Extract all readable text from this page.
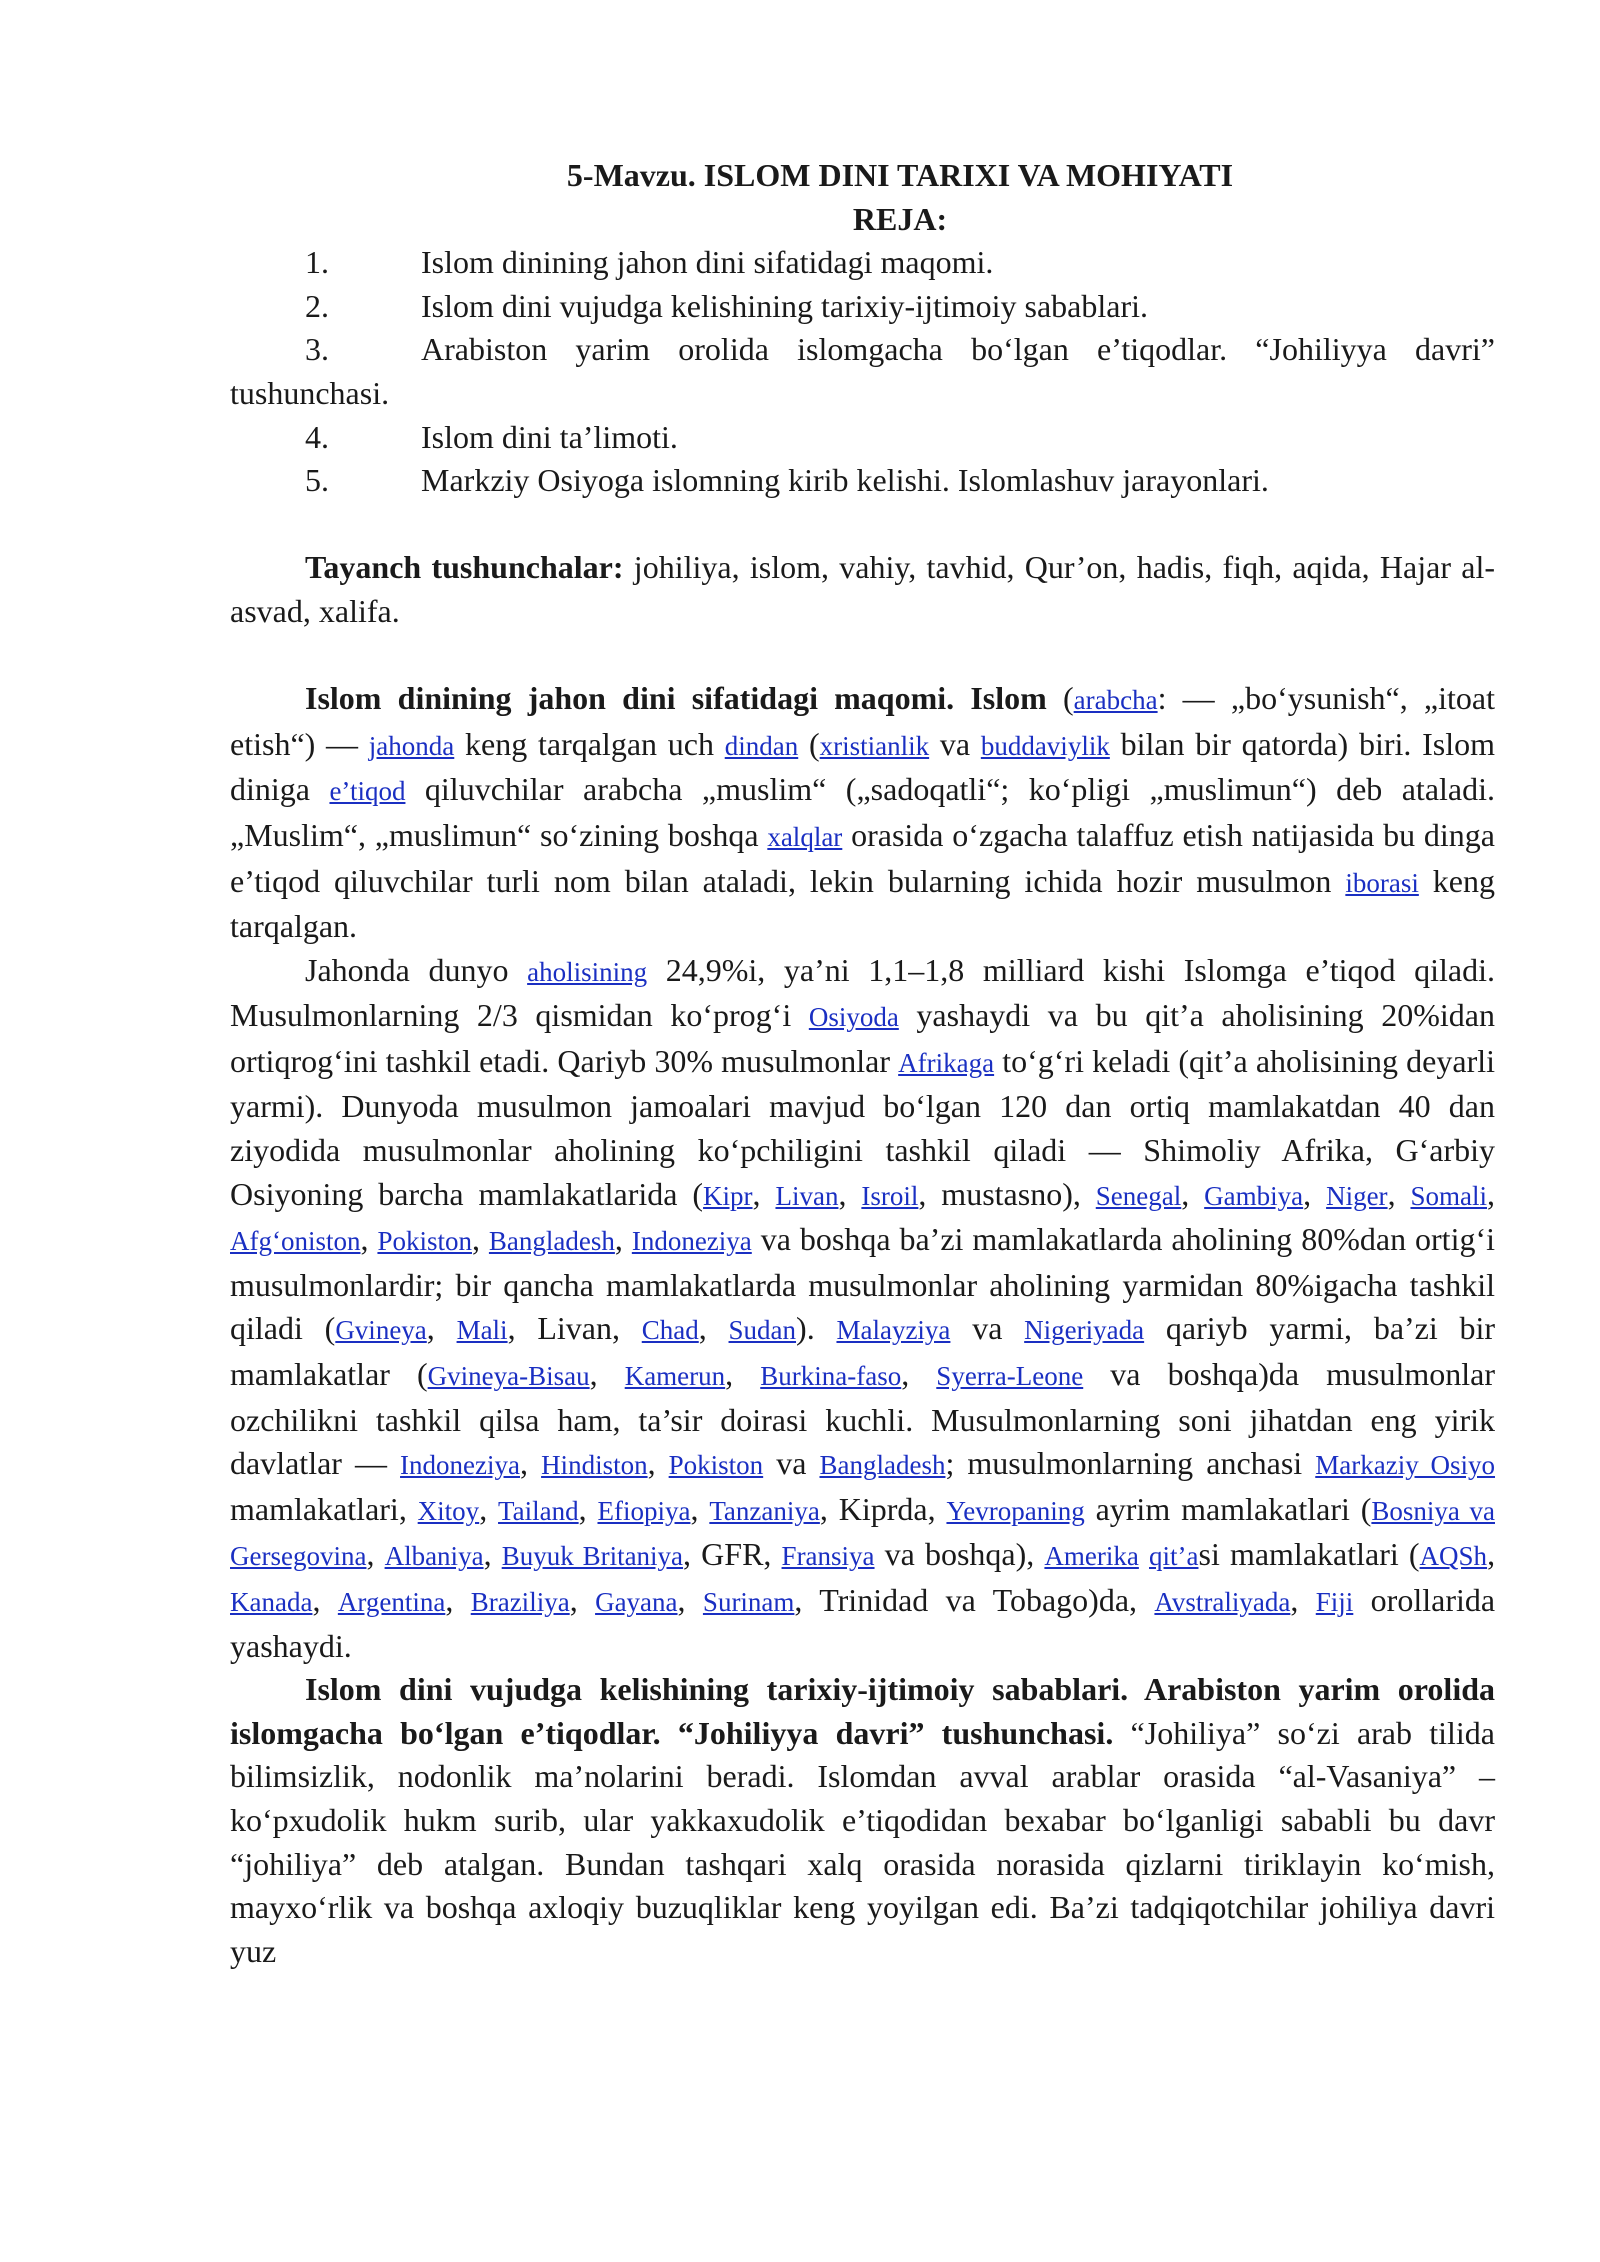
5-Mavzu. ISLOM DINI TARIXI VA MOHIYATI

REJA:

1.	Islom dinining jahon dini sifatidagi maqomi.
2.	Islom dini vujudga kelishining tarixiy-ijtimoiy sabablari.
3.	Arabiston yarim orolida islomgacha bo‘lgan e’tiqodlar. “Johiliyya davri” tushunchasi.
4.	Islom dini ta’limoti.
5.	Markziy Osiyoga islomning kirib kelishi. Islomlashuv jarayonlari.

Tayanch tushunchalar: johiliya, islom, vahiy, tavhid, Qur’on, hadis, fiqh, aqida, Hajar al-asvad, xalifa.

Islom dinining jahon dini sifatidagi maqomi. Islom (arabcha: — „bo‘ysunish“, „itoat etish“) — jahonda keng tarqalgan uch dindan (xristianlik va buddaviylik bilan bir qatorda) biri. Islom diniga e’tiqod qiluvchilar arabcha „muslim“ („sadoqatli“; ko‘pligi „muslimun“) deb ataladi. „Muslim“, „muslimun“ so‘zining boshqa xalqlar orasida o‘zgacha talaffuz etish natijasida bu dinga e’tiqod qiluvchilar turli nom bilan ataladi, lekin bularning ichida hozir musulmon iborasi keng tarqalgan.

Jahonda dunyo aholisining 24,9%i, ya’ni 1,1–1,8 milliard kishi Islomga e’tiqod qiladi. Musulmonlarning 2/3 qismidan ko‘prog‘i Osiyoda yashaydi va bu qit’a aholisining 20%idan ortiqrog‘ini tashkil etadi. Qariyb 30% musulmonlar Afrikaga to‘g‘ri keladi (qit’a aholisining deyarli yarmi). Dunyoda musulmon jamoalari mavjud bo‘lgan 120 dan ortiq mamlakatdan 40 dan ziyodida musulmonlar aholining ko‘pchiligini tashkil qiladi — Shimoliy Afrika, G‘arbiy Osiyoning barcha mamlakatlarida (Kipr, Livan, Isroil, mustasno), Senegal, Gambiya, Niger, Somali, Afg‘oniston, Pokiston, Bangladesh, Indoneziya va boshqa ba’zi mamlakatlarda aholining 80%dan ortig‘i musulmonlardir; bir qancha mamlakatlarda musulmonlar aholining yarmidan 80%igacha tashkil qiladi (Gvineya, Mali, Livan, Chad, Sudan). Malayziya va Nigeriyada qariyb yarmi, ba’zi bir mamlakatlar (Gvineya-Bisau, Kamerun, Burkina-faso, Syerra-Leone va boshqa)da musulmonlar ozchilikni tashkil qilsa ham, ta’sir doirasi kuchli. Musulmonlarning soni jihatdan eng yirik davlatlar — Indoneziya, Hindiston, Pokiston va Bangladesh; musulmonlarning anchasi Markaziy Osiyo mamlakatlari, Xitoy, Tailand, Efiopiya, Tanzaniya, Kiprda, Yevropaning ayrim mamlakatlari (Bosniya va Gersegovina, Albaniya, Buyuk Britaniya, GFR, Fransiya va boshqa), Amerika qit’asi mamlakatlari (AQSh, Kanada, Argentina, Braziliya, Gayana, Surinam, Trinidad va Tobago)da, Avstraliyada, Fiji orollarida yashaydi.

Islom dini vujudga kelishining tarixiy-ijtimoiy sabablari. Arabiston yarim orolida islomgacha bo‘lgan e’tiqodlar. “Johiliyya davri” tushunchasi. “Johiliya” so‘zi arab tilida bilimsizlik, nodonlik ma’nolarini beradi. Islomdan avval arablar orasida “al-Vasaniya” – ko‘pxudolik hukm surib, ular yakkaxudolik e’tiqodidan bexabar bo‘lganligi sababli bu davr “johiliya” deb atalgan. Bundan tashqari xalq orasida norasida qizlarni tiriklayin ko‘mish, mayxo‘rlik va boshqa axloqiy buzuqliklar keng yoyilgan edi. Ba’zi tadqiqotchilar johiliya davri yuz
